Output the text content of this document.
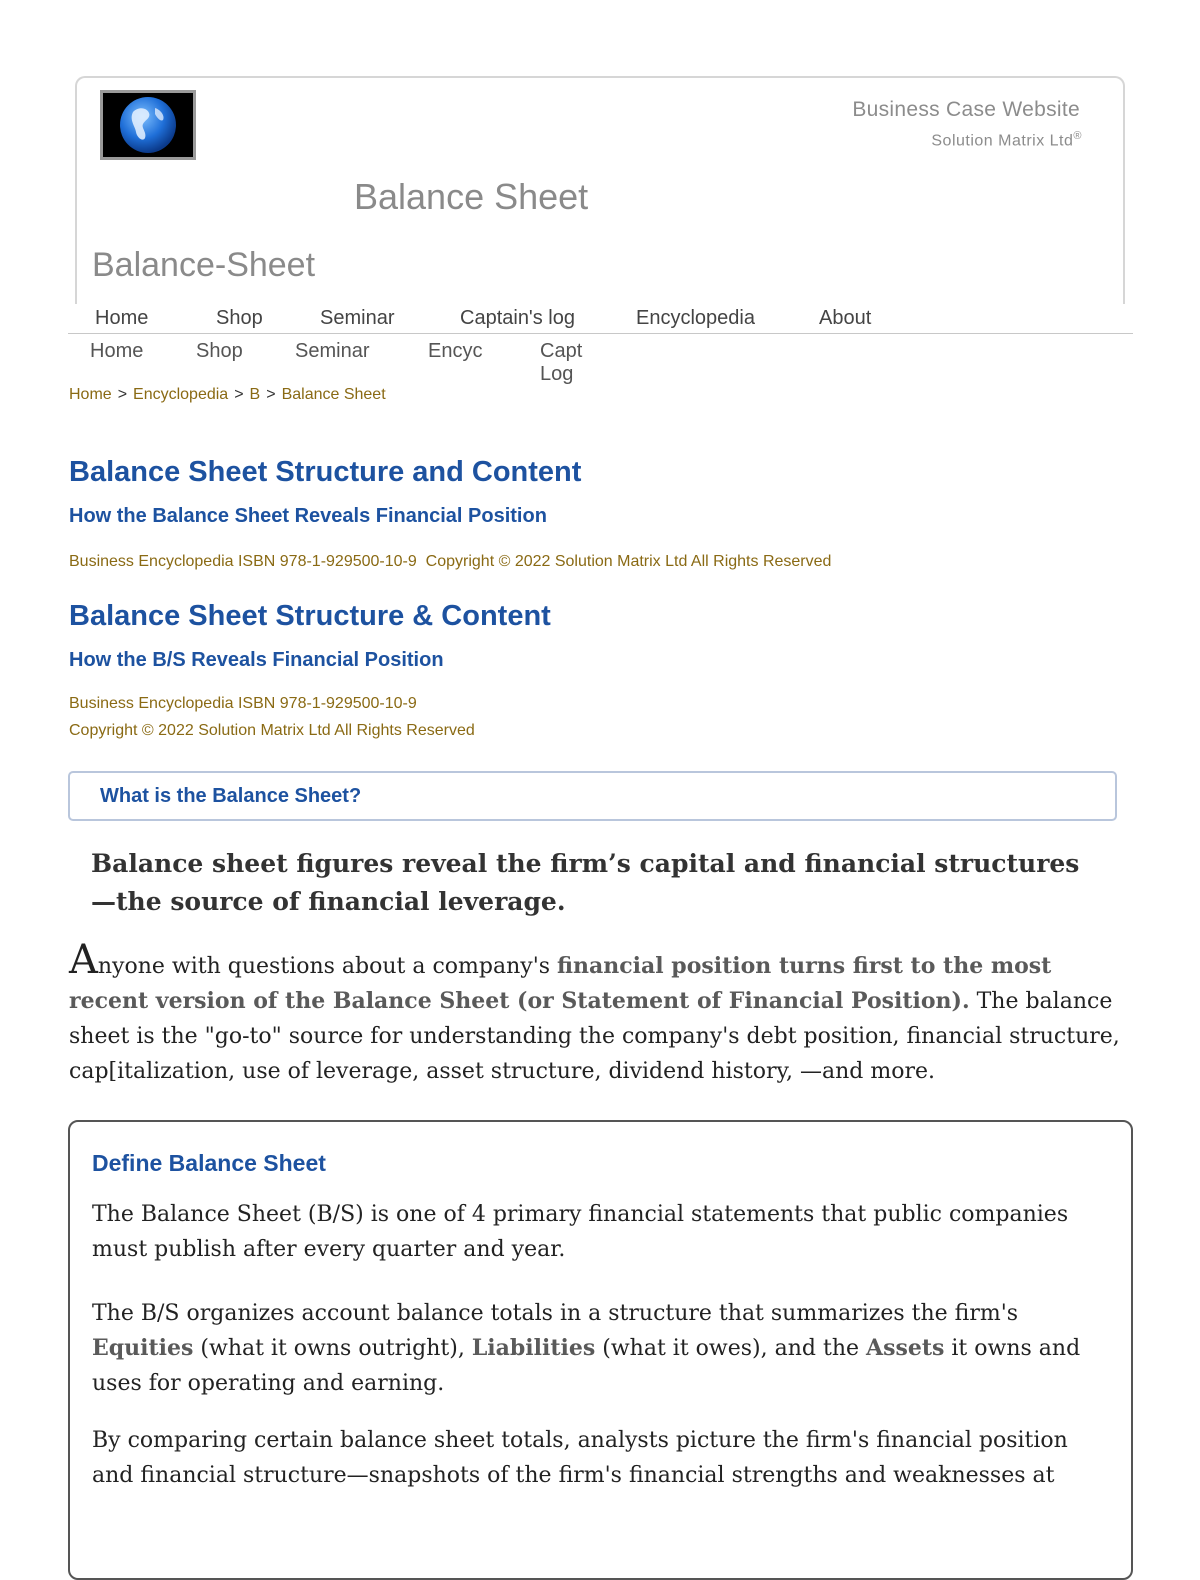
Business Case Website
Solution Matrix Ltd®
Balance Sheet
Balance-Sheet
Home	Shop	Seminar	Captain's log	Encyclopedia	About
Home	Shop	Seminar	Encyc	Capt Log
Home > Encyclopedia > B > Balance Sheet
Balance Sheet Structure and Content
How the Balance Sheet Reveals Financial Position
Business Encyclopedia ISBN 978-1-929500-10-9  Copyright © 2022 Solution Matrix Ltd All Rights Reserved
Balance Sheet Structure & Content
How the B/S Reveals Financial Position
Business Encyclopedia ISBN 978-1-929500-10-9
Copyright © 2022 Solution Matrix Ltd All Rights Reserved
What is the Balance Sheet?
Balance sheet figures reveal the firm’s capital and financial structures—the source of financial leverage.
Anyone with questions about a company's financial position turns first to the most recent version of the Balance Sheet (or Statement of Financial Position). The balance sheet is the "go-to" source for understanding the company's debt position, financial structure, cap[italization, use of leverage, asset structure, dividend history, —and more.
Define Balance Sheet
The Balance Sheet (B/S) is one of 4 primary financial statements that public companies must publish after every quarter and year.
The B/S organizes account balance totals in a structure that summarizes the firm's Equities (what it owns outright), Liabilities (what it owes), and the Assets it owns and uses for operating and earning.
By comparing certain balance sheet totals, analysts picture the firm's financial position and financial structure—snapshots of the firm's financial strengths and weaknesses at
